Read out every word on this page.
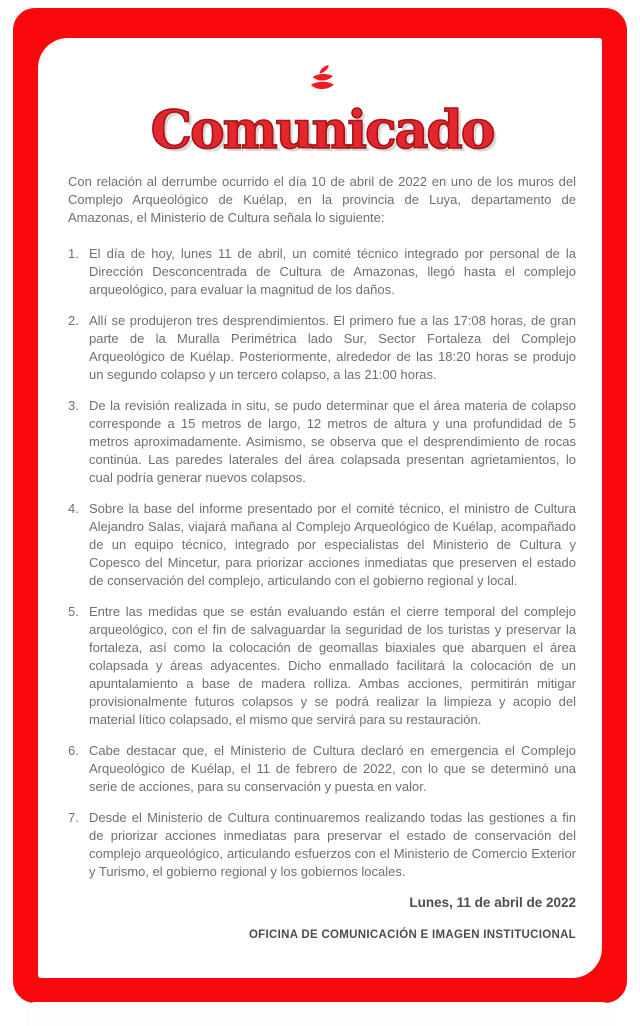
Comunicado

Con relación al derrumbe ocurrido el día 10 de abril de 2022 en uno de los muros del Complejo Arqueológico de Kuélap, en la provincia de Luya, departamento de Amazonas, el Ministerio de Cultura señala lo siguiente:

El día de hoy, lunes 11 de abril, un comité técnico integrado por personal de la Dirección Desconcentrada de Cultura de Amazonas, llegó hasta el complejo arqueológico, para evaluar la magnitud de los daños.
Allí se produjeron tres desprendimientos. El primero fue a las 17:08 horas, de gran parte de la Muralla Perimétrica lado Sur, Sector Fortaleza del Complejo Arqueológico de Kuélap. Posteriormente, alrededor de las 18:20 horas se produjo un segundo colapso y un tercero colapso, a las 21:00 horas.
De la revisión realizada in situ, se pudo determinar que el área materia de colapso corresponde a 15 metros de largo, 12 metros de altura y una profundidad de 5 metros aproximadamente. Asimismo, se observa que el desprendimiento de rocas continúa. Las paredes laterales del área colapsada presentan agrietamientos, lo cual podría generar nuevos colapsos.
Sobre la base del informe presentado por el comité técnico, el ministro de Cultura Alejandro Salas, viajará mañana al Complejo Arqueológico de Kuélap, acompañado de un equipo técnico, integrado por especialistas del Ministerio de Cultura y Copesco del Mincetur, para priorizar acciones inmediatas que preserven el estado de conservación del complejo, articulando con el gobierno regional y local.
Entre las medidas que se están evaluando están el cierre temporal del complejo arqueológico, con el fin de salvaguardar la seguridad de los turistas y preservar la fortaleza, así como la colocación de geomallas biaxiales que abarquen el área colapsada y áreas adyacentes. Dicho enmallado facilitará la colocación de un apuntalamiento a base de madera rolliza. Ambas acciones, permitirán mitigar provisionalmente futuros colapsos y se podrá realizar la limpieza y acopio del material lítico colapsado, el mismo que servirá para su restauración.
Cabe destacar que, el Ministerio de Cultura declaró en emergencia el Complejo Arqueológico de Kuélap, el 11 de febrero de 2022, con lo que se determinó una serie de acciones, para su conservación y puesta en valor.
Desde el Ministerio de Cultura continuaremos realizando todas las gestiones a fin de priorizar acciones inmediatas para preservar el estado de conservación del complejo arqueológico, articulando esfuerzos con el Ministerio de Comercio Exterior y Turismo, el gobierno regional y los gobiernos locales.

Lunes, 11 de abril de 2022

OFICINA DE COMUNICACIÓN E IMAGEN INSTITUCIONAL
